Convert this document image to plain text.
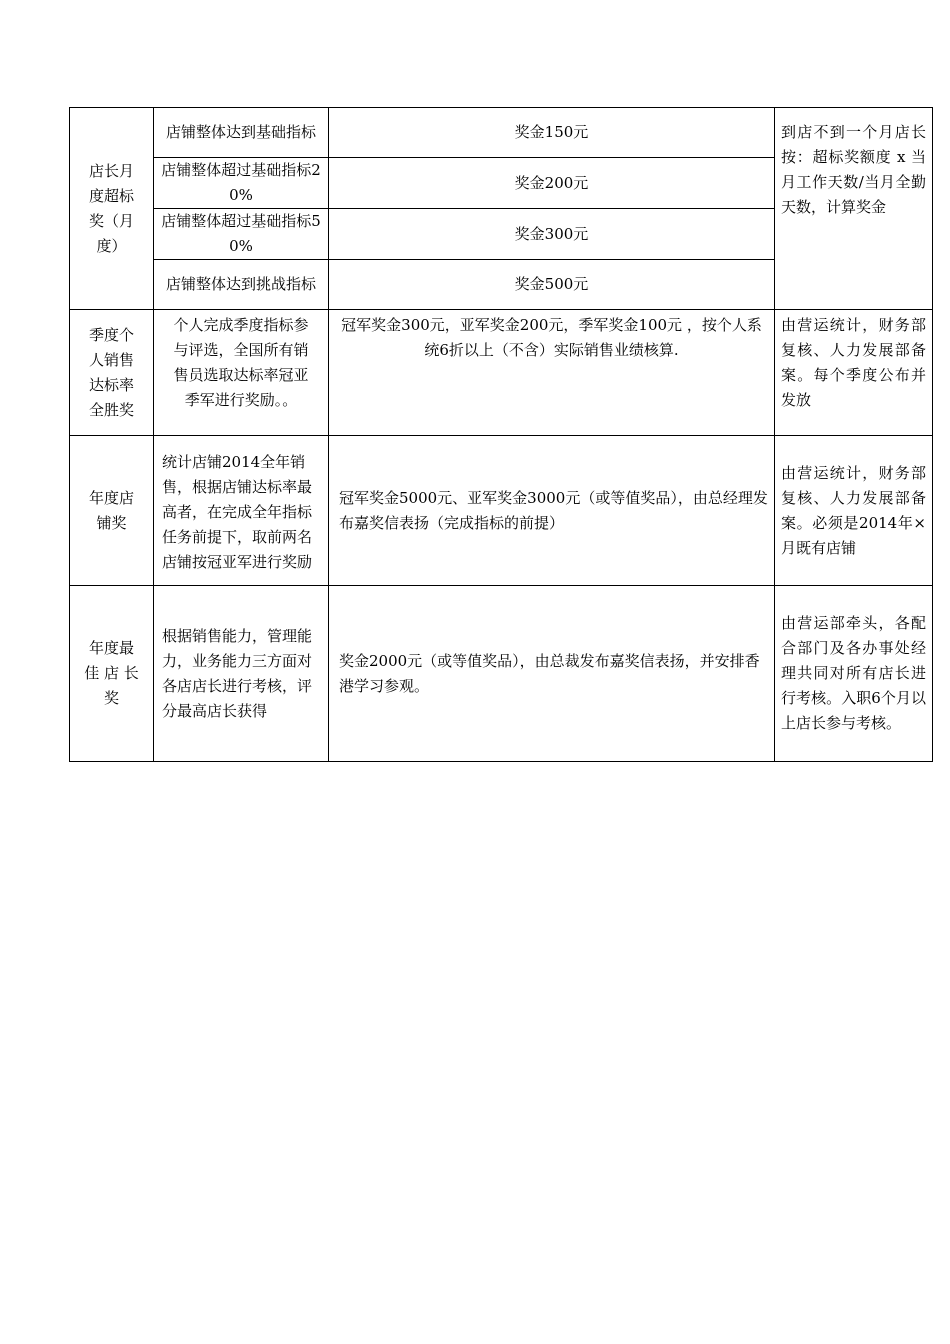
店长月度超标奖（月度）	店铺整体达到基础指标	奖金150元	到店不到一个月店长按：超标奖额度 x 当月工作天数/当月全勤天数，计算奖金
	店铺整体超过基础指标20%	奖金200元	
	店铺整体超过基础指标50%	奖金300元	
	店铺整体达到挑战指标	奖金500元	
季度个人销售达标率全胜奖	个人完成季度指标参与评选，全国所有销售员选取达标率冠亚季军进行奖励。。	冠军奖金300元，亚军奖金200元，季军奖金100元 ，按个人系统6折以上（不含）实际销售业绩核算.	由营运统计，财务部复核、人力发展部备案。每个季度公布并发放
年度店铺奖	统计店铺2014全年销售，根据店铺达标率最高者，在完成全年指标任务前提下，取前两名店铺按冠亚军进行奖励	冠军奖金5000元、亚军奖金3000元（或等值奖品），由总经理发布嘉奖信表扬（完成指标的前提）	由营运统计，财务部复核、人力发展部备案。必须是2014年×月既有店铺
年度最佳 店 长奖	根据销售能力，管理能力，业务能力三方面对各店店长进行考核，评分最高店长获得	奖金2000元（或等值奖品），由总裁发布嘉奖信表扬，并安排香港学习参观。	由营运部牵头，各配合部门及各办事处经理共同对所有店长进行考核。入职6个月以上店长参与考核。
